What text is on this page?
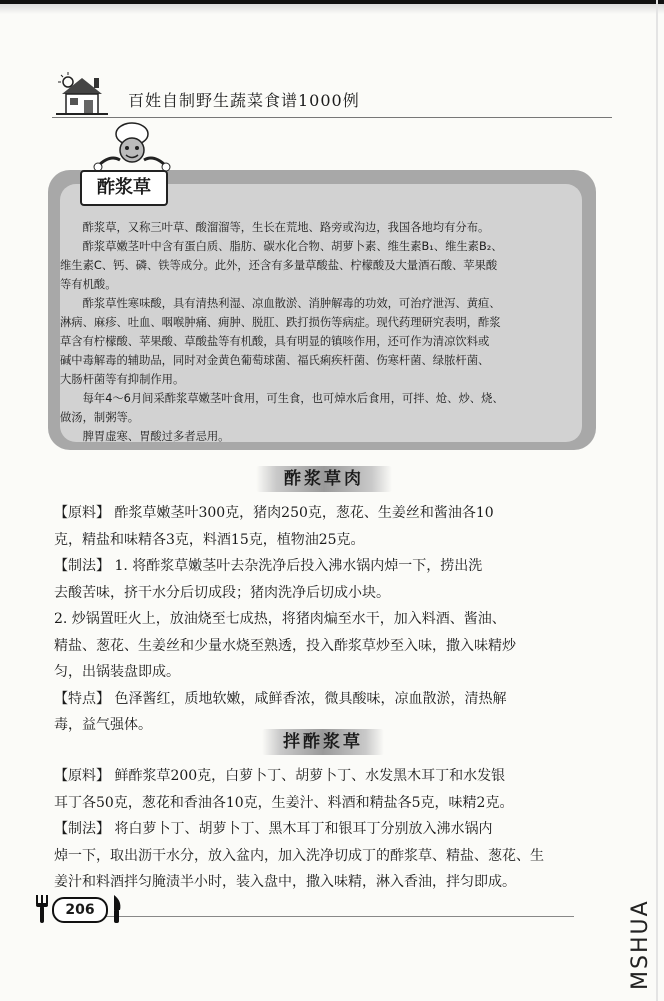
百姓自制野生蔬菜食谱1000例
酢浆草

酢浆草，又称三叶草、酸溜溜等，生长在荒地、路旁或沟边，我国各地均有分布。

酢浆草嫩茎叶中含有蛋白质、脂肪、碳水化合物、胡萝卜素、维生素B₁、维生素B₂、

维生素C、钙、磷、铁等成分。此外，还含有多量草酸盐、柠檬酸及大量酒石酸、苹果酸

等有机酸。

酢浆草性寒味酸，具有清热利湿、凉血散淤、消肿解毒的功效，可治疗泄泻、黄疸、

淋病、麻疹、吐血、咽喉肿痛、痈肿、脱肛、跌打损伤等病症。现代药理研究表明，酢浆

草含有柠檬酸、苹果酸、草酸盐等有机酸，具有明显的镇咳作用，还可作为清凉饮料或

碱中毒解毒的辅助品，同时对金黄色葡萄球菌、福氏痢疾杆菌、伤寒杆菌、绿脓杆菌、

大肠杆菌等有抑制作用。

每年4～6月间采酢浆草嫩茎叶食用，可生食，也可焯水后食用，可拌、炝、炒、烧、

做汤，制粥等。

脾胃虚寒、胃酸过多者忌用。

酢浆草肉

【原料】 酢浆草嫩茎叶300克，猪肉250克，葱花、生姜丝和酱油各10

克，精盐和味精各3克，料酒15克，植物油25克。

【制法】 1. 将酢浆草嫩茎叶去杂洗净后投入沸水锅内焯一下，捞出洗

去酸苦味，挤干水分后切成段；猪肉洗净后切成小块。

2. 炒锅置旺火上，放油烧至七成热，将猪肉煸至水干，加入料酒、酱油、

精盐、葱花、生姜丝和少量水烧至熟透，投入酢浆草炒至入味，撒入味精炒

匀，出锅装盘即成。

【特点】 色泽酱红，质地软嫩，咸鲜香浓，微具酸味，凉血散淤，清热解

毒，益气强体。

拌酢浆草

【原料】 鲜酢浆草200克，白萝卜丁、胡萝卜丁、水发黑木耳丁和水发银

耳丁各50克，葱花和香油各10克，生姜汁、料酒和精盐各5克，味精2克。

【制法】 将白萝卜丁、胡萝卜丁、黑木耳丁和银耳丁分别放入沸水锅内

焯一下，取出沥干水分，放入盆内，加入洗净切成丁的酢浆草、精盐、葱花、生

姜汁和料酒拌匀腌渍半小时，装入盘中，撒入味精，淋入香油，拌匀即成。

206	MSHUA
